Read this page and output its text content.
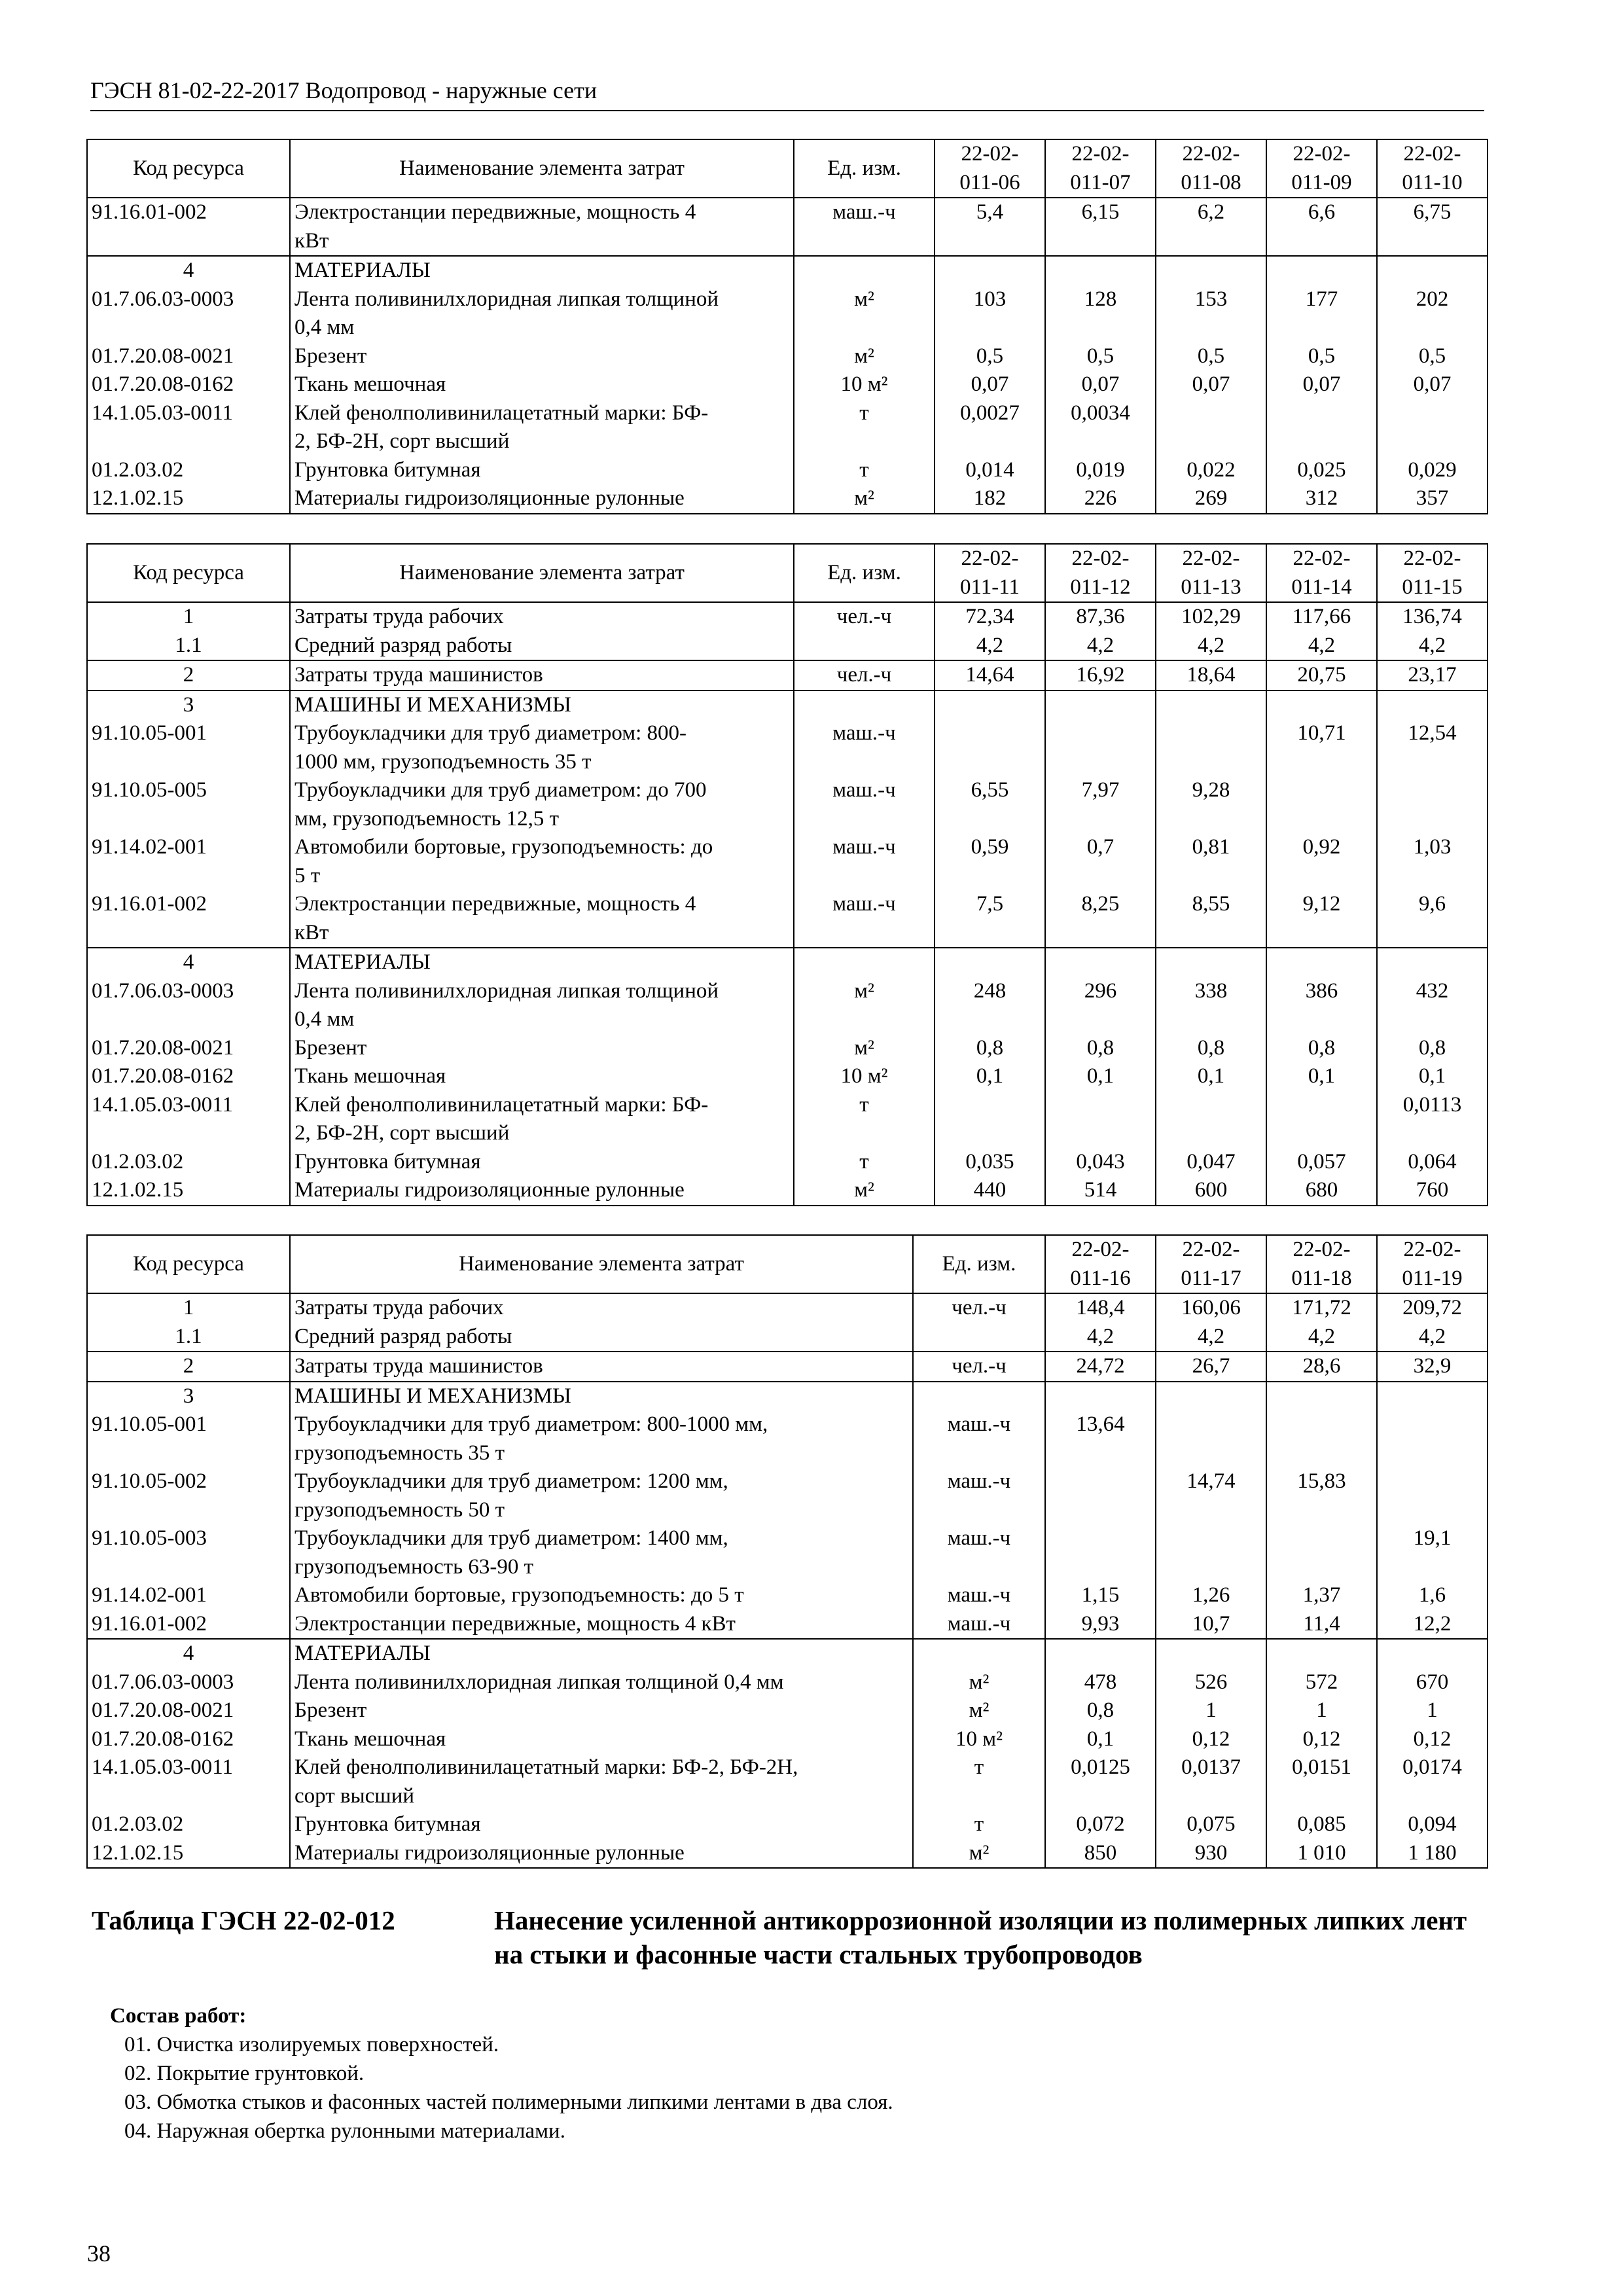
ГЭСН 81-02-22-2017 Водопровод - наружные сети
Код ресурса	Наименование элемента затрат	Ед. изм.	22-02-
011-06	22-02-
011-07	22-02-
011-08	22-02-
011-09	22-02-
011-10
91.16.01-002	Электростанции передвижные, мощность 4
кВт	маш.-ч	5,4	6,15	6,2	6,6	6,75
4	МАТЕРИАЛЫ						
01.7.06.03-0003	Лента поливинилхлоридная липкая толщиной
0,4 мм	м²	103	128	153	177	202
01.7.20.08-0021	Брезент	м²	0,5	0,5	0,5	0,5	0,5
01.7.20.08-0162	Ткань мешочная	10 м²	0,07	0,07	0,07	0,07	0,07
14.1.05.03-0011	Клей фенолполивинилацетатный марки: БФ-
2, БФ-2Н, сорт высший	т	0,0027	0,0034			
01.2.03.02	Грунтовка битумная	т	0,014	0,019	0,022	0,025	0,029
12.1.02.15	Материалы гидроизоляционные рулонные	м²	182	226	269	312	357
Код ресурса	Наименование элемента затрат	Ед. изм.	22-02-
011-11	22-02-
011-12	22-02-
011-13	22-02-
011-14	22-02-
011-15
1	Затраты труда рабочих	чел.-ч	72,34	87,36	102,29	117,66	136,74
1.1	Средний разряд работы		4,2	4,2	4,2	4,2	4,2
2	Затраты труда машинистов	чел.-ч	14,64	16,92	18,64	20,75	23,17
3	МАШИНЫ И МЕХАНИЗМЫ						
91.10.05-001	Трубоукладчики для труб диаметром: 800-
1000 мм, грузоподъемность 35 т	маш.-ч				10,71	12,54
91.10.05-005	Трубоукладчики для труб диаметром: до 700
мм, грузоподъемность 12,5 т	маш.-ч	6,55	7,97	9,28		
91.14.02-001	Автомобили бортовые, грузоподъемность: до
5 т	маш.-ч	0,59	0,7	0,81	0,92	1,03
91.16.01-002	Электростанции передвижные, мощность 4
кВт	маш.-ч	7,5	8,25	8,55	9,12	9,6
4	МАТЕРИАЛЫ						
01.7.06.03-0003	Лента поливинилхлоридная липкая толщиной
0,4 мм	м²	248	296	338	386	432
01.7.20.08-0021	Брезент	м²	0,8	0,8	0,8	0,8	0,8
01.7.20.08-0162	Ткань мешочная	10 м²	0,1	0,1	0,1	0,1	0,1
14.1.05.03-0011	Клей фенолполивинилацетатный марки: БФ-
2, БФ-2Н, сорт высший	т					0,0113
01.2.03.02	Грунтовка битумная	т	0,035	0,043	0,047	0,057	0,064
12.1.02.15	Материалы гидроизоляционные рулонные	м²	440	514	600	680	760
Код ресурса	Наименование элемента затрат	Ед. изм.	22-02-
011-16	22-02-
011-17	22-02-
011-18	22-02-
011-19
1	Затраты труда рабочих	чел.-ч	148,4	160,06	171,72	209,72
1.1	Средний разряд работы		4,2	4,2	4,2	4,2
2	Затраты труда машинистов	чел.-ч	24,72	26,7	28,6	32,9
3	МАШИНЫ И МЕХАНИЗМЫ					
91.10.05-001	Трубоукладчики для труб диаметром: 800-1000 мм,
грузоподъемность 35 т	маш.-ч	13,64			
91.10.05-002	Трубоукладчики для труб диаметром: 1200 мм,
грузоподъемность 50 т	маш.-ч		14,74	15,83	
91.10.05-003	Трубоукладчики для труб диаметром: 1400 мм,
грузоподъемность 63-90 т	маш.-ч				19,1
91.14.02-001	Автомобили бортовые, грузоподъемность: до 5 т	маш.-ч	1,15	1,26	1,37	1,6
91.16.01-002	Электростанции передвижные, мощность 4 кВт	маш.-ч	9,93	10,7	11,4	12,2
4	МАТЕРИАЛЫ					
01.7.06.03-0003	Лента поливинилхлоридная липкая толщиной 0,4 мм	м²	478	526	572	670
01.7.20.08-0021	Брезент	м²	0,8	1	1	1
01.7.20.08-0162	Ткань мешочная	10 м²	0,1	0,12	0,12	0,12
14.1.05.03-0011	Клей фенолполивинилацетатный марки: БФ-2, БФ-2Н,
сорт высший	т	0,0125	0,0137	0,0151	0,0174
01.2.03.02	Грунтовка битумная	т	0,072	0,075	0,085	0,094
12.1.02.15	Материалы гидроизоляционные рулонные	м²	850	930	1 010	1 180
Таблица ГЭСН 22-02-012	Нанесение усиленной антикоррозионной изоляции из полимерных липких лент на стыки и фасонные части стальных трубопроводов
Состав работ:
01. Очистка изолируемых поверхностей.
02. Покрытие грунтовкой.
03. Обмотка стыков и фасонных частей полимерными липкими лентами в два слоя.
04. Наружная обертка рулонными материалами.
38
